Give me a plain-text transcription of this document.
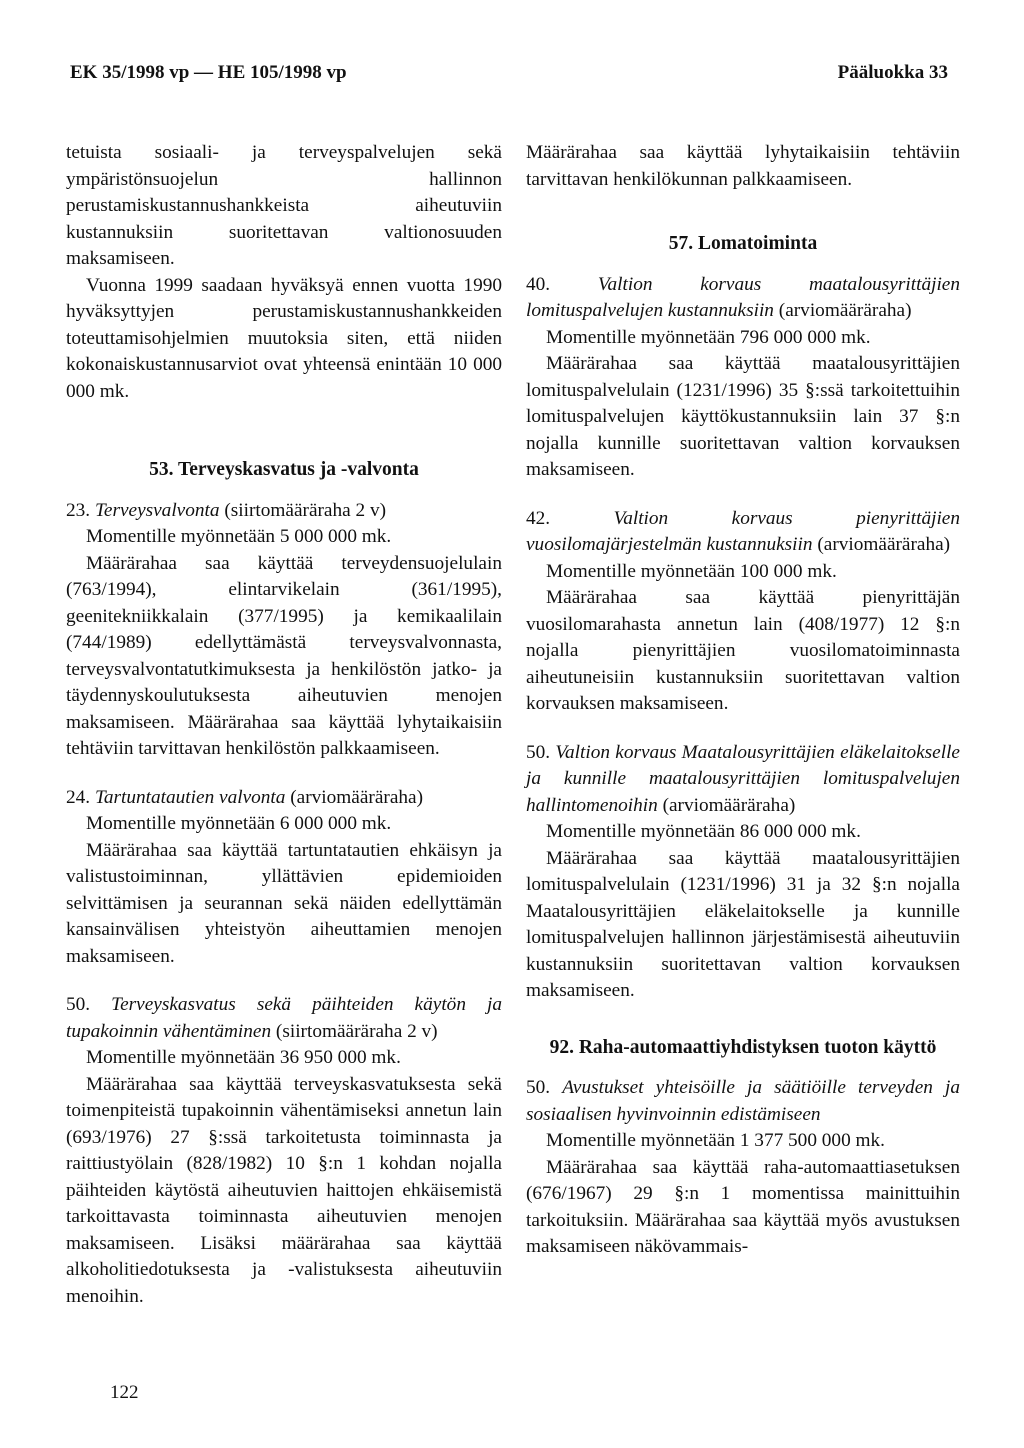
EK 35/1998 vp — HE 105/1998 vp	Pääluokka 33

tetuista sosiaali- ja terveyspalvelujen sekä ympäristönsuojelun hallinnon perustamiskustannushankkeista aiheutuviin kustannuksiin suoritettavan valtionosuuden maksamiseen.

Vuonna 1999 saadaan hyväksyä ennen vuotta 1990 hyväksyttyjen perustamiskustannushankkeiden toteuttamisohjelmien muutoksia siten, että niiden kokonaiskustannusarviot ovat yhteensä enintään 10 000 000 mk.

53. Terveyskasvatus ja -valvonta

23. Terveysvalvonta (siirtomääräraha 2 v)

Momentille myönnetään 5 000 000 mk.

Määrärahaa saa käyttää terveydensuojelulain (763/1994), elintarvikelain (361/1995), geenitekniikkalain (377/1995) ja kemikaalilain (744/1989) edellyttämästä terveysvalvonnasta, terveysvalvontatutkimuksesta ja henkilöstön jatko- ja täydennyskoulutuksesta aiheutuvien menojen maksamiseen. Määrärahaa saa käyttää lyhytaikaisiin tehtäviin tarvittavan henkilöstön palkkaamiseen.

24. Tartuntatautien valvonta (arviomääräraha)

Momentille myönnetään 6 000 000 mk.

Määrärahaa saa käyttää tartuntatautien ehkäisyn ja valistustoiminnan, yllättävien epidemioiden selvittämisen ja seurannan sekä näiden edellyttämän kansainvälisen yhteistyön aiheuttamien menojen maksamiseen.

50. Terveyskasvatus sekä päihteiden käytön ja tupakoinnin vähentäminen (siirtomääräraha 2 v)

Momentille myönnetään 36 950 000 mk.

Määrärahaa saa käyttää terveyskasvatuksesta sekä toimenpiteistä tupakoinnin vähentämiseksi annetun lain (693/1976) 27 §:ssä tarkoitetusta toiminnasta ja raittiustyölain (828/1982) 10 §:n 1 kohdan nojalla päihteiden käytöstä aiheutuvien haittojen ehkäisemistä tarkoittavasta toiminnasta aiheutuvien menojen maksamiseen. Lisäksi määrärahaa saa käyttää alkoholitiedotuksesta ja -valistuksesta aiheutuviin menoihin.

Määrärahaa saa käyttää lyhytaikaisiin tehtäviin tarvittavan henkilökunnan palkkaamiseen.

57. Lomatoiminta

40. Valtion korvaus maatalousyrittäjien lomituspalvelujen kustannuksiin (arviomääräraha)

Momentille myönnetään 796 000 000 mk.

Määrärahaa saa käyttää maatalousyrittäjien lomituspalvelulain (1231/1996) 35 §:ssä tarkoitettuihin lomituspalvelujen käyttökustannuksiin lain 37 §:n nojalla kunnille suoritettavan valtion korvauksen maksamiseen.

42.	Valtion korvaus pienyrittäjien vuosilomajärjestelmän kustannuksiin (arviomääräraha)

Momentille myönnetään 100 000 mk.

Määrärahaa saa käyttää pienyrittäjän vuosilomarahasta annetun lain (408/1977) 12 §:n nojalla pienyrittäjien vuosilomatoiminnasta aiheutuneisiin kustannuksiin suoritettavan valtion korvauksen maksamiseen.

50. Valtion korvaus Maatalousyrittäjien eläkelaitokselle ja kunnille maatalousyrittäjien lomituspalvelujen hallintomenoihin (arviomääräraha)

Momentille myönnetään 86 000 000 mk.

Määrärahaa saa käyttää maatalousyrittäjien lomituspalvelulain (1231/1996) 31 ja 32 §:n nojalla Maatalousyrittäjien eläkelaitokselle ja kunnille lomituspalvelujen hallinnon järjestämisestä aiheutuviin kustannuksiin suoritettavan valtion korvauksen maksamiseen.

92. Raha-automaattiyhdistyksen tuoton käyttö

50. Avustukset yhteisöille ja säätiöille terveyden ja sosiaalisen hyvinvoinnin edistämiseen

Momentille myönnetään 1 377 500 000 mk.

Määrärahaa saa käyttää raha-automaattiasetuksen (676/1967) 29 §:n 1 momentissa mainittuihin tarkoituksiin. Määrärahaa saa käyttää myös avustuksen maksamiseen näkövammais-

122
